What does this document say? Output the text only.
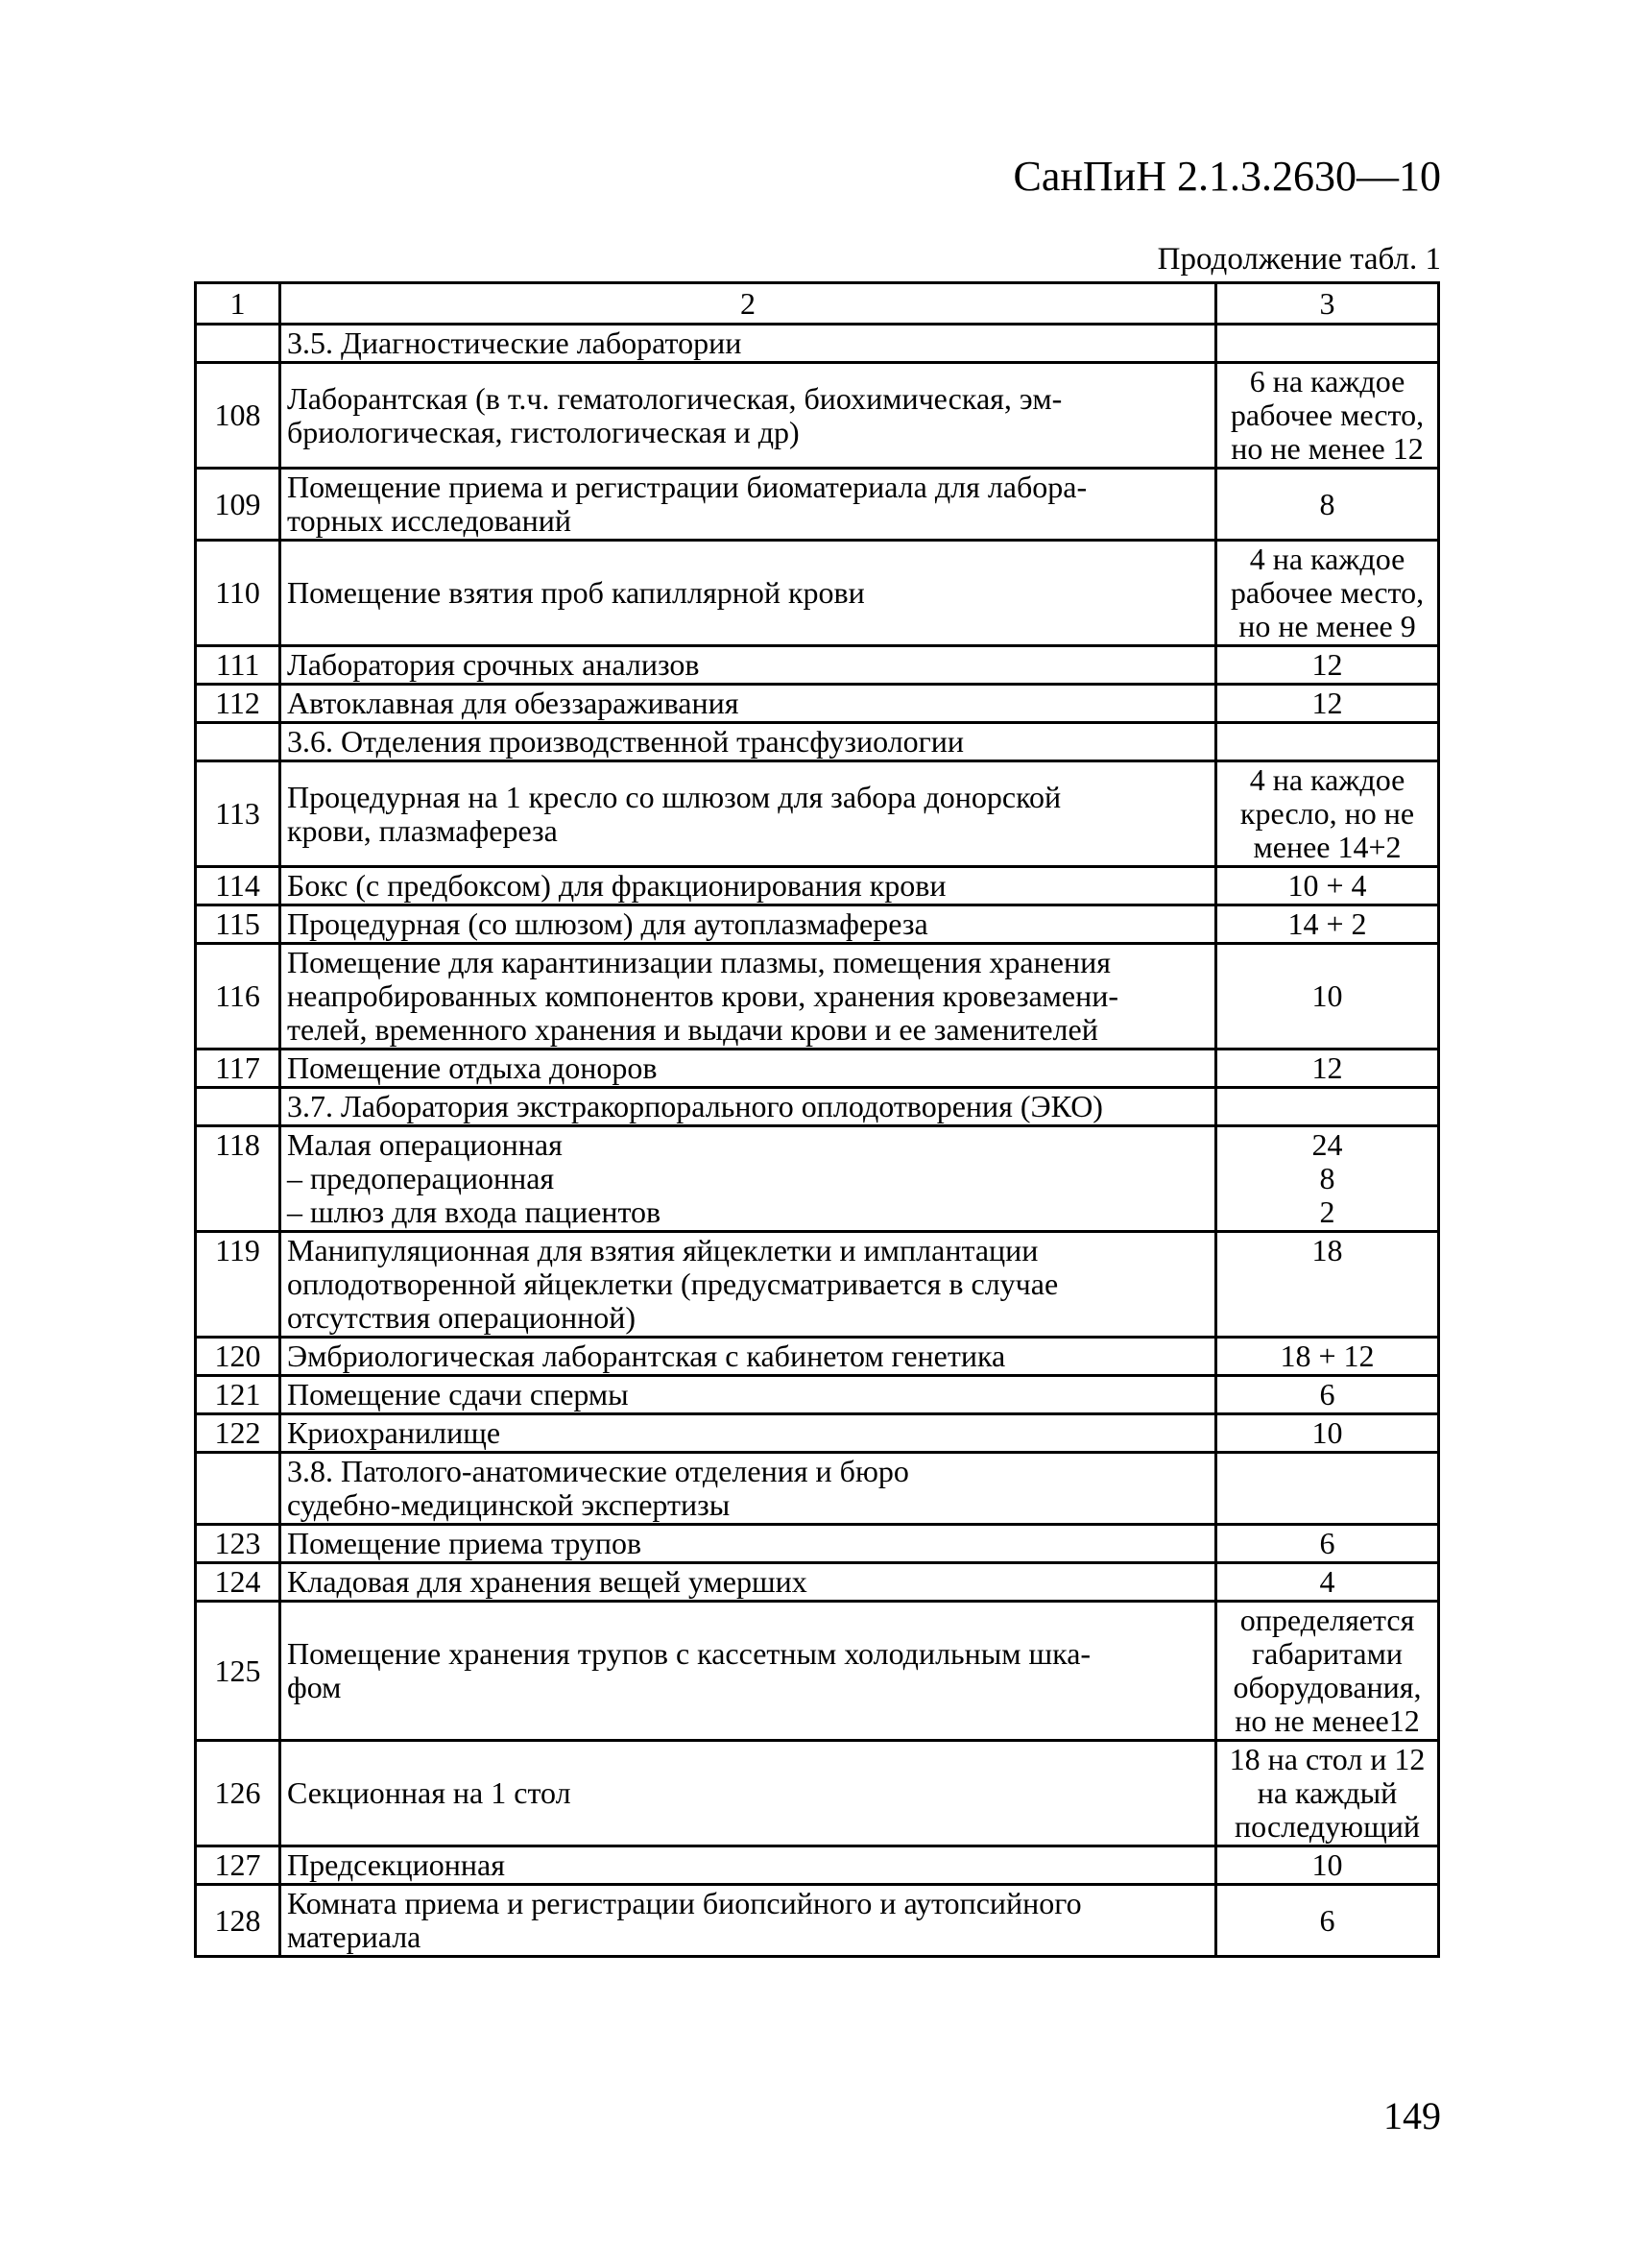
СанПиН 2.1.3.2630—10
Продолжение табл. 1
1	2	3

	3.5. Диагностические лаборатории	

108	Лаборантская (в т.ч. гематологическая, биохимическая, эм-
бриологическая, гистологическая и др)	6 на каждое
рабочее место,
но не менее 12

109	Помещение приема и регистрации биоматериала для лабора-
торных исследований	8

110	Помещение взятия проб капиллярной крови	4 на каждое
рабочее место,
но не менее 9

111	Лаборатория срочных анализов	12

112	Автоклавная для обеззараживания	12

	3.6. Отделения производственной трансфузиологии	

113	Процедурная на 1 кресло со шлюзом для забора донорской
крови, плазмафереза	4 на каждое
кресло, но не
менее 14+2

114	Бокс (с предбоксом) для фракционирования крови	10 + 4

115	Процедурная (со шлюзом) для аутоплазмафереза	14 + 2

116	Помещение для карантинизации плазмы, помещения хранения
неапробированных компонентов крови, хранения кровезамени-
телей, временного хранения и выдачи крови и ее заменителей	10

117	Помещение отдыха доноров	12

	3.7. Лаборатория экстракорпорального оплодотворения (ЭКО)	

118	Малая операционная
– предоперационная
– шлюз для входа пациентов	24
8
2

119	Манипуляционная для взятия яйцеклетки и имплантации
оплодотворенной яйцеклетки (предусматривается в случае
отсутствия операционной)	18

120	Эмбриологическая лаборантская с кабинетом генетика	18 + 12

121	Помещение сдачи спермы	6

122	Криохранилище	10

	3.8. Патолого-анатомические отделения и бюро
судебно-медицинской экспертизы	

123	Помещение приема трупов	6

124	Кладовая для хранения вещей умерших	4

125	Помещение хранения трупов с кассетным холодильным шка-
фом	определяется
габаритами
оборудования,
но не менее12

126	Секционная на 1 стол	18 на стол и 12
на каждый
последующий

127	Предсекционная	10

128	Комната приема и регистрации биопсийного и аутопсийного
материала	6
149
